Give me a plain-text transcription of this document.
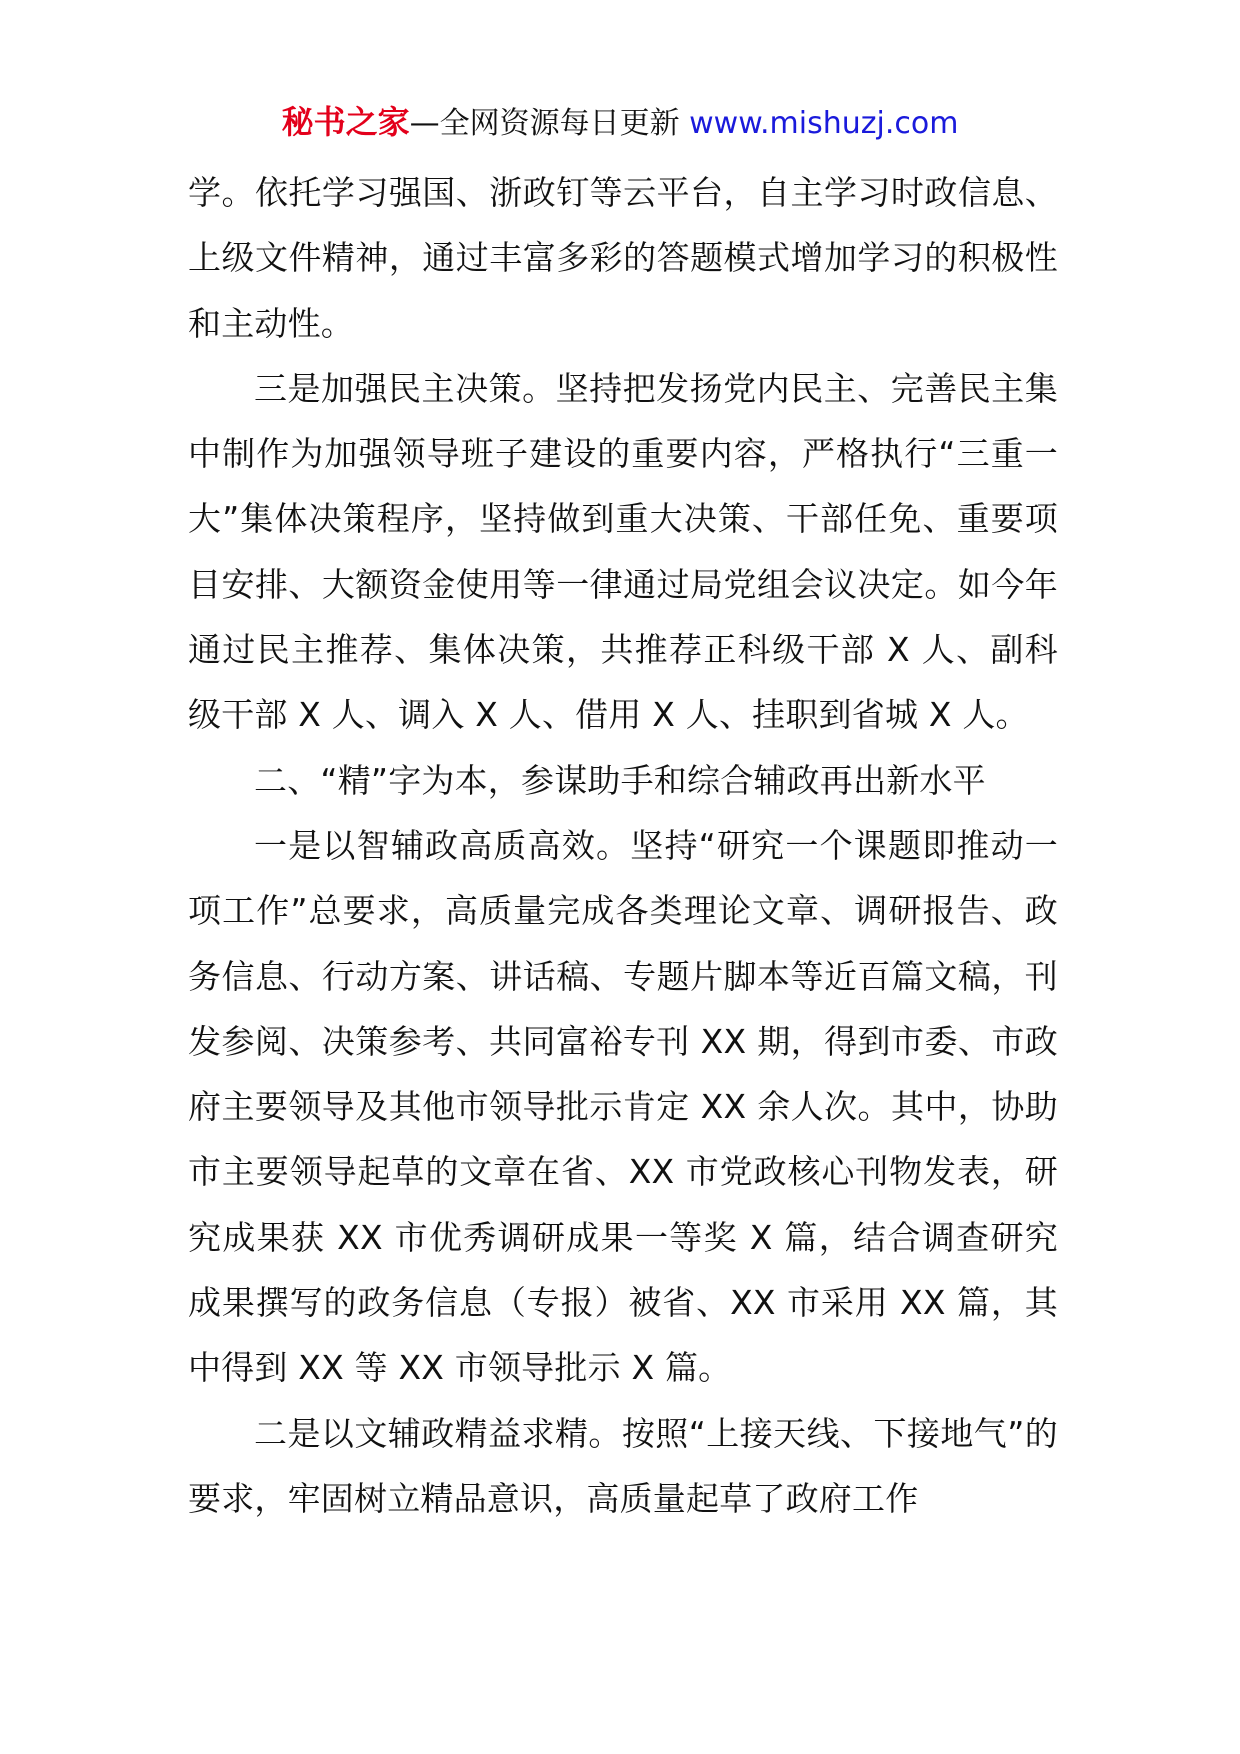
秘书之家—全网资源每日更新 www.mishuzj.com

学。依托学习强国、浙政钉等云平台，自主学习时政信息、上级文件精神，通过丰富多彩的答题模式增加学习的积极性和主动性。

三是加强民主决策。坚持把发扬党内民主、完善民主集中制作为加强领导班子建设的重要内容，严格执行“三重一大”集体决策程序，坚持做到重大决策、干部任免、重要项目安排、大额资金使用等一律通过局党组会议决定。如今年通过民主推荐、集体决策，共推荐正科级干部 X 人、副科级干部 X 人、调入 X 人、借用 X 人、挂职到省城 X 人。

二、“精”字为本，参谋助手和综合辅政再出新水平

一是以智辅政高质高效。坚持“研究一个课题即推动一项工作”总要求，高质量完成各类理论文章、调研报告、政务信息、行动方案、讲话稿、专题片脚本等近百篇文稿，刊发参阅、决策参考、共同富裕专刊 XX 期，得到市委、市政府主要领导及其他市领导批示肯定 XX 余人次。其中，协助市主要领导起草的文章在省、XX 市党政核心刊物发表，研究成果获 XX 市优秀调研成果一等奖 X 篇，结合调查研究成果撰写的政务信息（专报）被省、XX 市采用 XX 篇，其中得到 XX 等 XX 市领导批示 X 篇。

二是以文辅政精益求精。按照“上接天线、下接地气”的要求，牢固树立精品意识，高质量起草了政府工作
